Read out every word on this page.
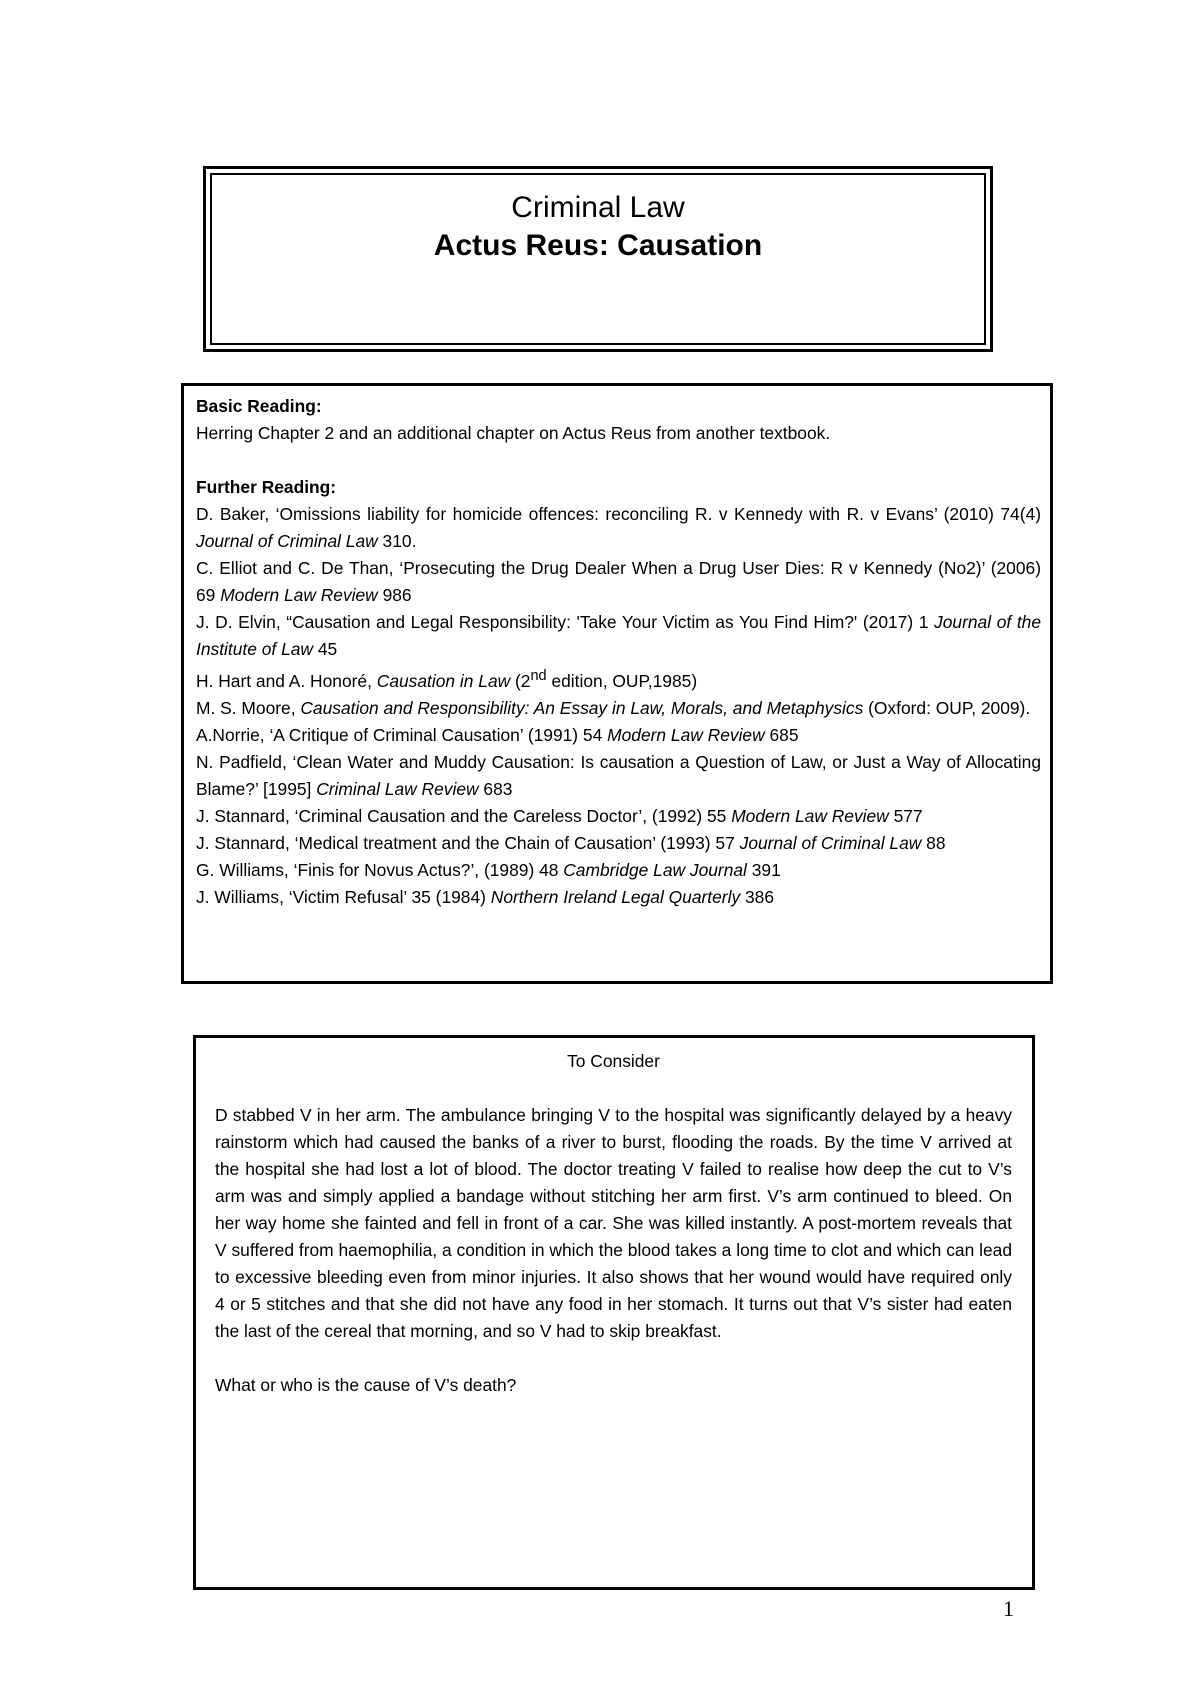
Criminal Law
Actus Reus: Causation

Basic Reading:

Herring Chapter 2 and an additional chapter on Actus Reus from another textbook.

Further Reading:

D. Baker, ‘Omissions liability for homicide offences: reconciling R. v Kennedy with R. v Evans’ (2010) 74(4) Journal of Criminal Law 310.

C. Elliot and C. De Than, ‘Prosecuting the Drug Dealer When a Drug User Dies: R v Kennedy (No2)’ (2006) 69 Modern Law Review 986

J. D. Elvin, “Causation and Legal Responsibility: 'Take Your Victim as You Find Him?' (2017) 1 Journal of the Institute of Law 45

H. Hart and A. Honoré, Causation in Law (2nd edition, OUP,1985)

M. S. Moore, Causation and Responsibility: An Essay in Law, Morals, and Metaphysics (Oxford: OUP, 2009).

A.Norrie, ‘A Critique of Criminal Causation’ (1991) 54 Modern Law Review 685

N. Padfield, ‘Clean Water and Muddy Causation: Is causation a Question of Law, or Just a Way of Allocating Blame?’ [1995] Criminal Law Review 683

J. Stannard, ‘Criminal Causation and the Careless Doctor’, (1992) 55 Modern Law Review 577

J. Stannard, ‘Medical treatment and the Chain of Causation’ (1993) 57 Journal of Criminal Law 88

G. Williams, ‘Finis for Novus Actus?’, (1989) 48 Cambridge Law Journal 391

J. Williams, ‘Victim Refusal’ 35 (1984) Northern Ireland Legal Quarterly 386

To Consider

D stabbed V in her arm. The ambulance bringing V to the hospital was significantly delayed by a heavy rainstorm which had caused the banks of a river to burst, flooding the roads. By the time V arrived at the hospital she had lost a lot of blood. The doctor treating V failed to realise how deep the cut to V’s arm was and simply applied a bandage without stitching her arm first. V’s arm continued to bleed. On her way home she fainted and fell in front of a car. She was killed instantly. A post-mortem reveals that V suffered from haemophilia, a condition in which the blood takes a long time to clot and which can lead to excessive bleeding even from minor injuries. It also shows that her wound would have required only 4 or 5 stitches and that she did not have any food in her stomach. It turns out that V’s sister had eaten the last of the cereal that morning, and so V had to skip breakfast.

What or who is the cause of V’s death?

1
